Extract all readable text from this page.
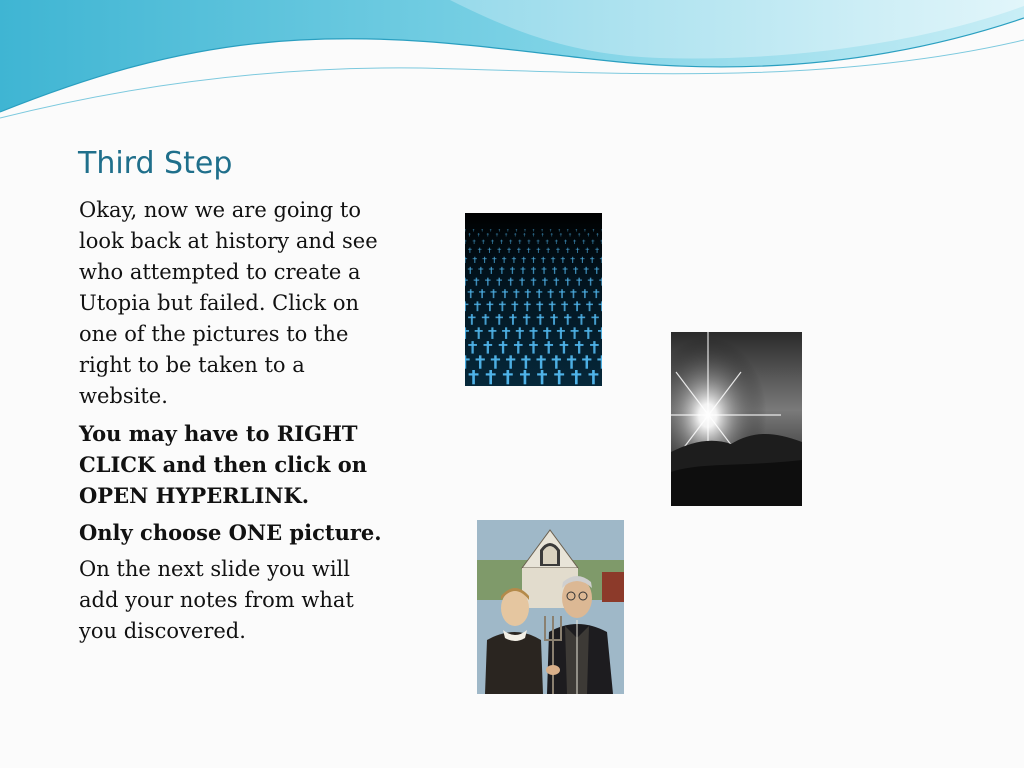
Third Step

Okay, now we are going to look back at history and see who attempted to create a Utopia but failed. Click on one of the pictures to the right to be taken to a website.

You may have to RIGHT CLICK and then click on OPEN HYPERLINK.

Only choose ONE picture.

On the next slide you will add your notes from what you discovered.
